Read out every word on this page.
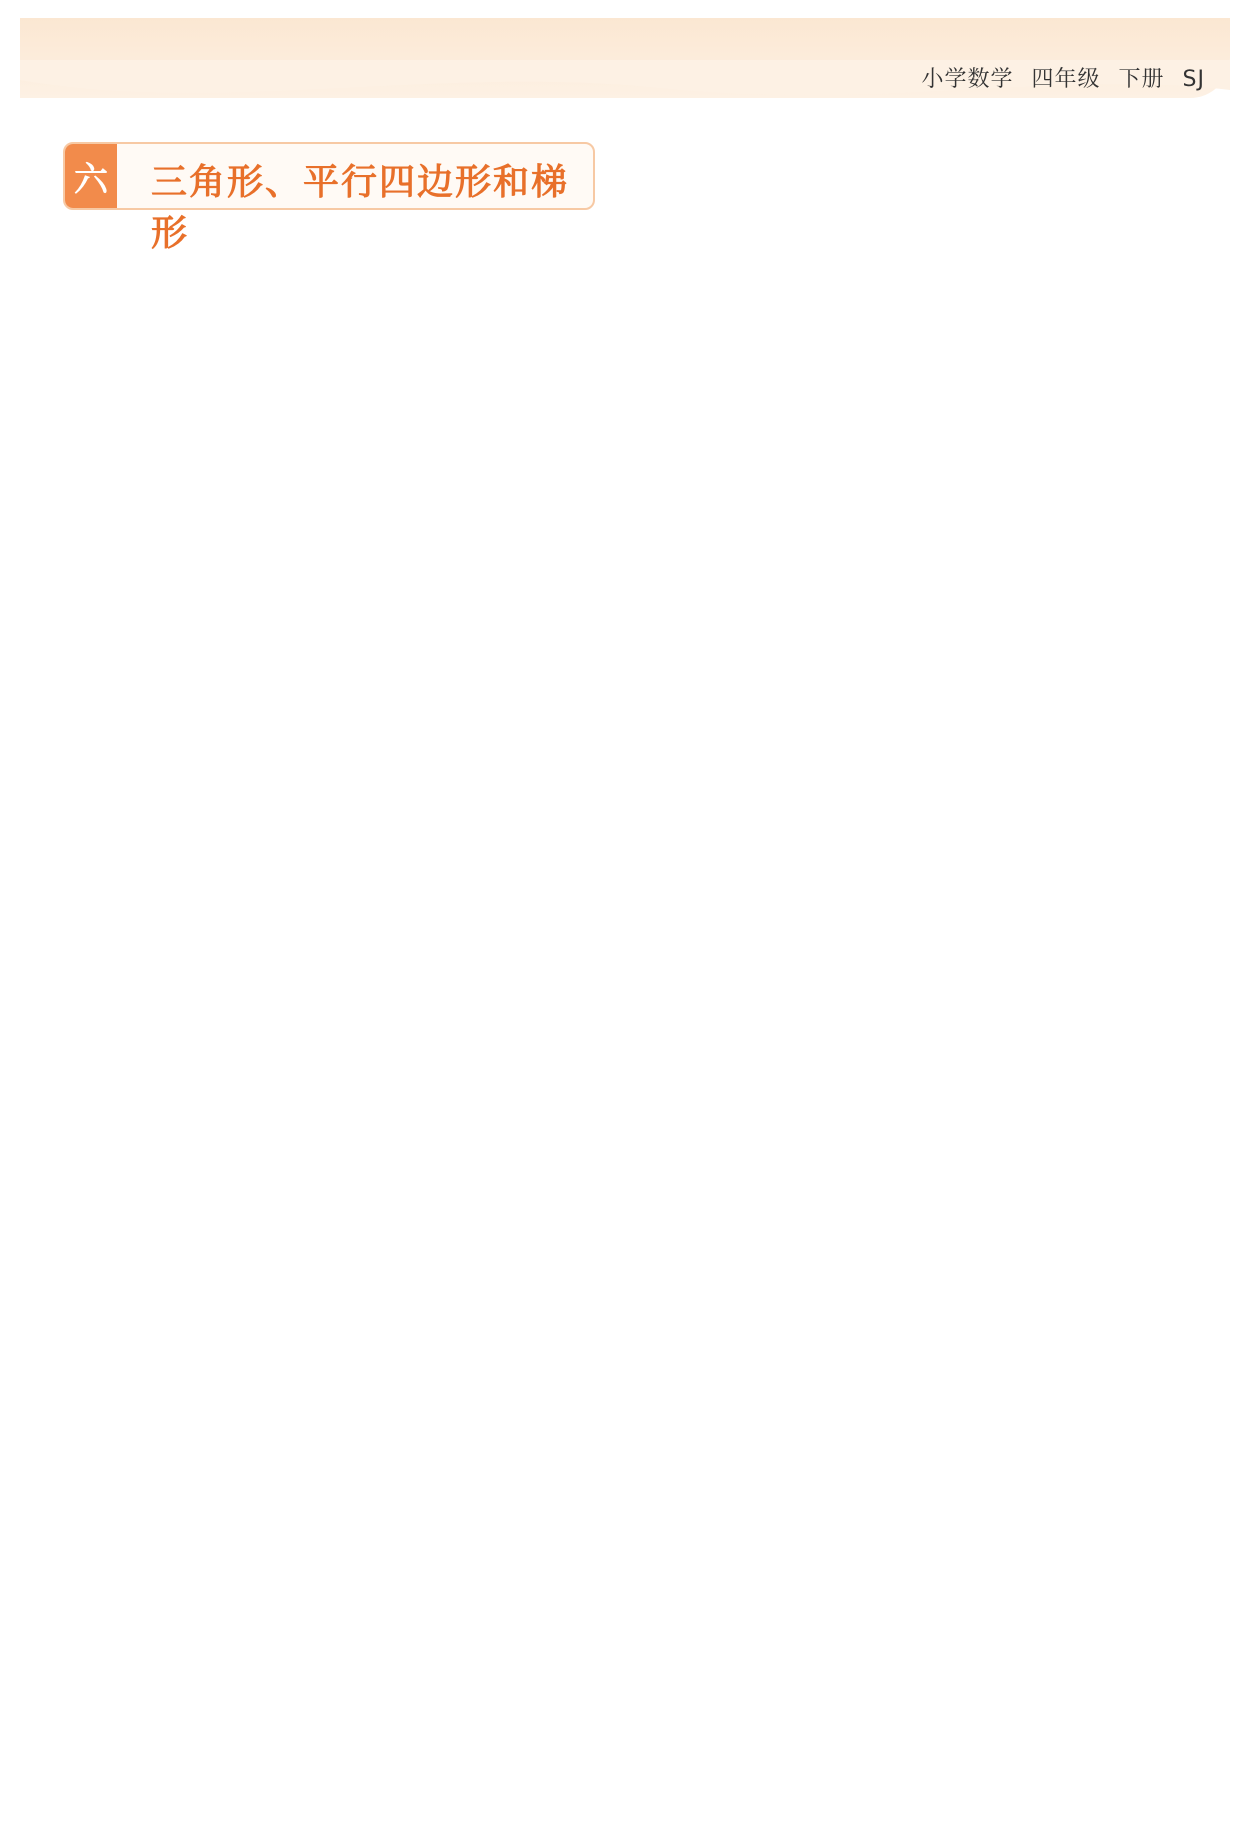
小学数学 四年级 下册 SJ
六 三角形、平行四边形和梯形
